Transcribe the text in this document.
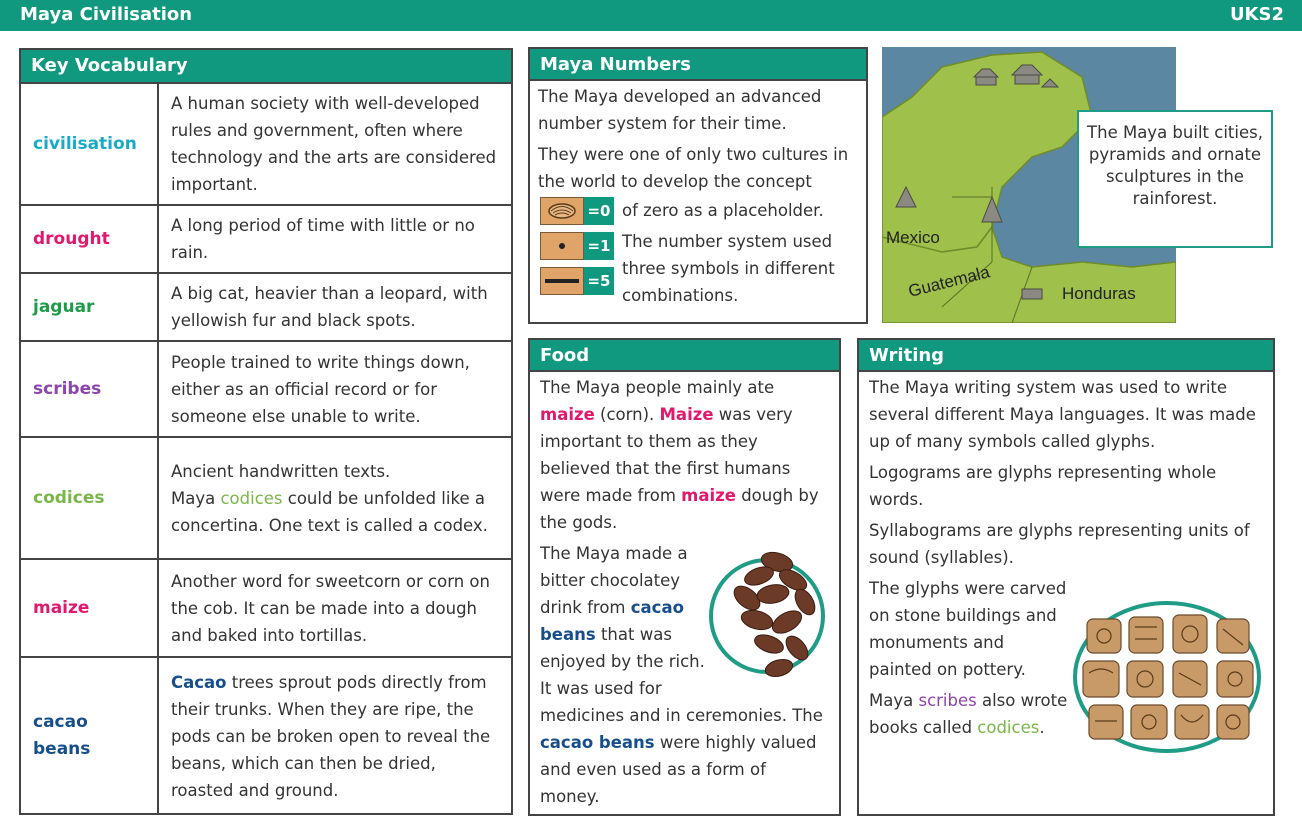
Maya Civilisation	UKS2
Key Vocabulary
civilisation	A human society with well-developed rules and government, often where technology and the arts are considered important.
drought	A long period of time with little or no rain.
jaguar	A big cat, heavier than a leopard, with yellowish fur and black spots.
scribes	People trained to write things down, either as an official record or for someone else unable to write.
codices	Ancient handwritten texts.
Maya codices could be unfolded like a concertina. One text is called a codex.
maize	Another word for sweetcorn or corn on the cob. It can be made into a dough and baked into tortillas.
cacao beans	Cacao trees sprout pods directly from their trunks. When they are ripe, the pods can be broken open to reveal the beans, which can then be dried, roasted and ground.
Maya Numbers
The Maya developed an advanced number system for their time.
They were one of only two cultures in the world to develop the concept
=0
=1
=5
of zero as a placeholder.
The number system used three symbols in different combinations.
Mexico
Guatemala	Honduras
The Maya built cities, pyramids and ornate sculptures in the rainforest.
Food
The Maya people mainly ate maize (corn). Maize was very important to them as they believed that the first humans were made from maize dough by the gods.
The Maya made a bitter chocolatey drink from cacao beans that was enjoyed by the rich. It was used for medicines and in ceremonies. The cacao beans were highly valued and even used as a form of money.
Writing
The Maya writing system was used to write several different Maya languages. It was made up of many symbols called glyphs.
Logograms are glyphs representing whole words.
Syllabograms are glyphs representing units of sound (syllables).
The glyphs were carved on stone buildings and monuments and painted on pottery.
Maya scribes also wrote books called codices.
